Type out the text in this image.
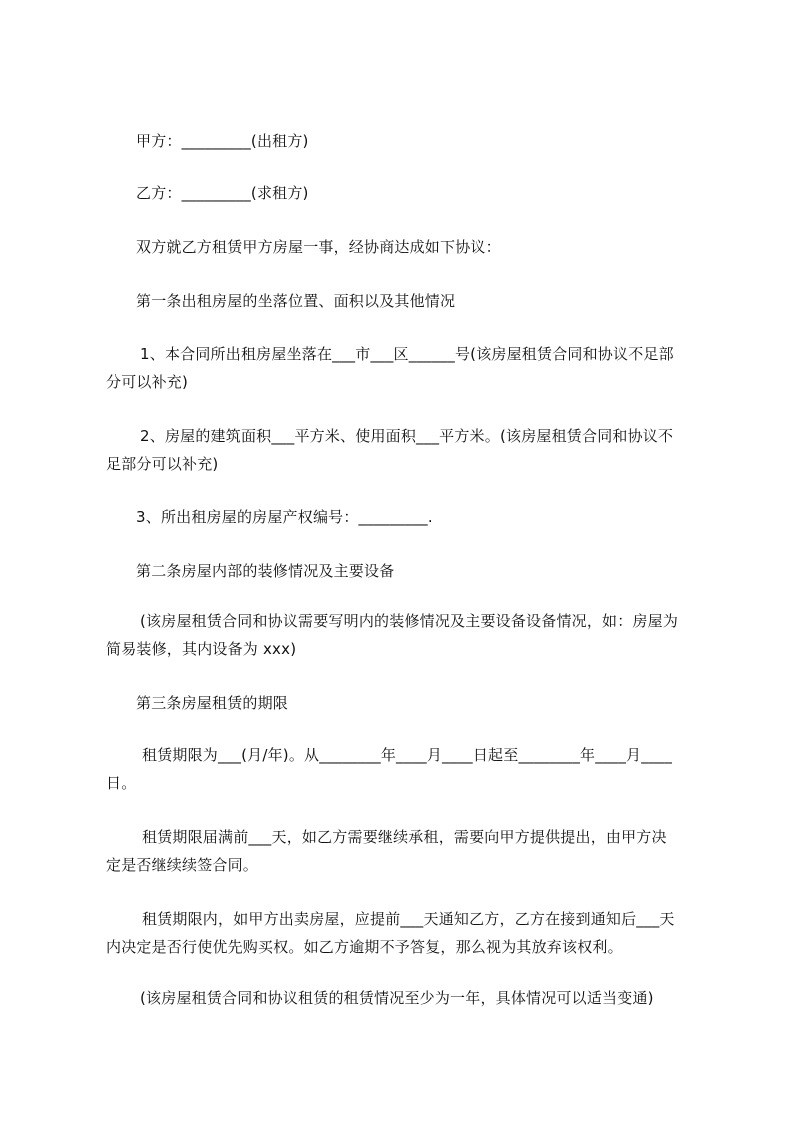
甲方：_________(出租方)
乙方：_________(求租方)
双方就乙方租赁甲方房屋一事，经协商达成如下协议：
第一条出租房屋的坐落位置、面积以及其他情况
1、本合同所出租房屋坐落在___市___区______号(该房屋租赁合同和协议不足部
分可以补充)
2、房屋的建筑面积___平方米、使用面积___平方米。(该房屋租赁合同和协议不
足部分可以补充)
3、所出租房屋的房屋产权编号：_________.
第二条房屋内部的装修情况及主要设备
(该房屋租赁合同和协议需要写明内的装修情况及主要设备设备情况，如：房屋为
简易装修，其内设备为 xxx)
第三条房屋租赁的期限
租赁期限为___(月/年)。从________年____月____日起至________年____月____
日。
租赁期限届满前___天，如乙方需要继续承租，需要向甲方提供提出，由甲方决
定是否继续续签合同。
租赁期限内，如甲方出卖房屋，应提前___天通知乙方，乙方在接到通知后___天
内决定是否行使优先购买权。如乙方逾期不予答复，那么视为其放弃该权利。
(该房屋租赁合同和协议租赁的租赁情况至少为一年，具体情况可以适当变通)
